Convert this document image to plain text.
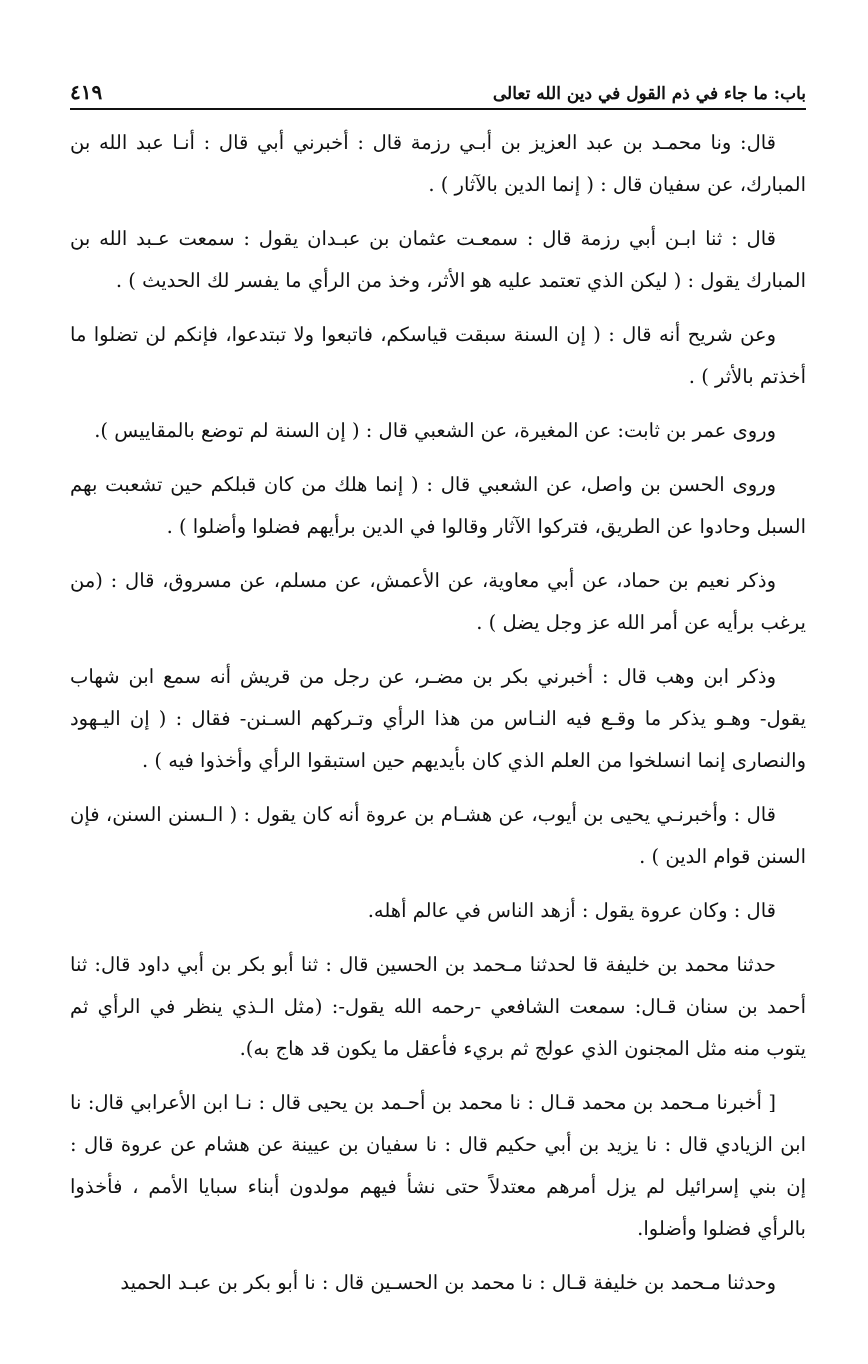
باب: ما جاء في ذم القول في دين الله تعالى
٤١٩

قال: ونا محمـد بن عبد العزيز بن أبـي رزمة قال : أخبرني أبي قال : أنـا عبد الله بن المبارك، عن سفيان قال : ( إنما الدين بالآثار ) .

قال : ثنا ابـن أبي رزمة قال : سمعـت عثمان بن عبـدان يقول : سمعت عـبد الله بن المبارك يقول : ( ليكن الذي تعتمد عليه هو الأثر، وخذ من الرأي ما يفسر لك الحديث ) .

وعن شريح أنه قال : ( إن السنة سبقت قياسكم، فاتبعوا ولا تبتدعوا، فإنكم لن تضلوا ما أخذتم بالأثر ) .

وروى عمر بن ثابت: عن المغيرة، عن الشعبي قال : ( إن السنة لم توضع بالمقاييس ).

وروى الحسن بن واصل، عن الشعبي قال : ( إنما هلك من كان قبلكم حين تشعبت بهم السبل وحادوا عن الطريق، فتركوا الآثار وقالوا في الدين برأيهم فضلوا وأضلوا ) .

وذكر نعيم بن حماد، عن أبي معاوية، عن الأعمش، عن مسلم، عن مسروق، قال : (من يرغب برأيه عن أمر الله عز وجل يضل ) .

وذكر ابن وهب قال : أخبرني بكر بن مضـر، عن رجل من قريش أنه سمع ابن شهاب يقول- وهـو يذكر ما وقـع فيه النـاس من هذا الرأي وتـركهم السـنن- فقال : ( إن اليـهود والنصارى إنما انسلخوا من العلم الذي كان بأيديهم حين استبقوا الرأي وأخذوا فيه ) .

قال : وأخبرنـي يحيى بن أيوب، عن هشـام بن عروة أنه كان يقول : ( الـسنن السنن، فإن السنن قوام الدين ) .

قال : وكان عروة يقول : أزهد الناس في عالم أهله.

حدثنا محمد بن خليفة قا لحدثنا مـحمد بن الحسين قال : ثنا أبو بكر بن أبي داود قال: ثنا أحمد بن سنان قـال: سمعت الشافعي -رحمه الله يقول-: (مثل الـذي ينظر في الرأي ثم يتوب منه مثل المجنون الذي عولج ثم بريء فأعقل ما يكون قد هاج به).

[ أخبرنا مـحمد بن محمد قـال : نا محمد بن أحـمد بن يحيى قال : نـا ابن الأعرابي قال: نا ابن الزيادي قال : نا يزيد بن أبي حكيم قال : نا سفيان بن عيينة عن هشام عن عروة قال : إن بني إسرائيل لم يزل أمرهم معتدلاً حتى نشأ فيهم مولدون أبناء سبايا الأمم ، فأخذوا بالرأي فضلوا وأضلوا.

وحدثنا مـحمد بن خليفة قـال : نا محمد بن الحسـين قال : نا أبو بكر بن عبـد الحميد
